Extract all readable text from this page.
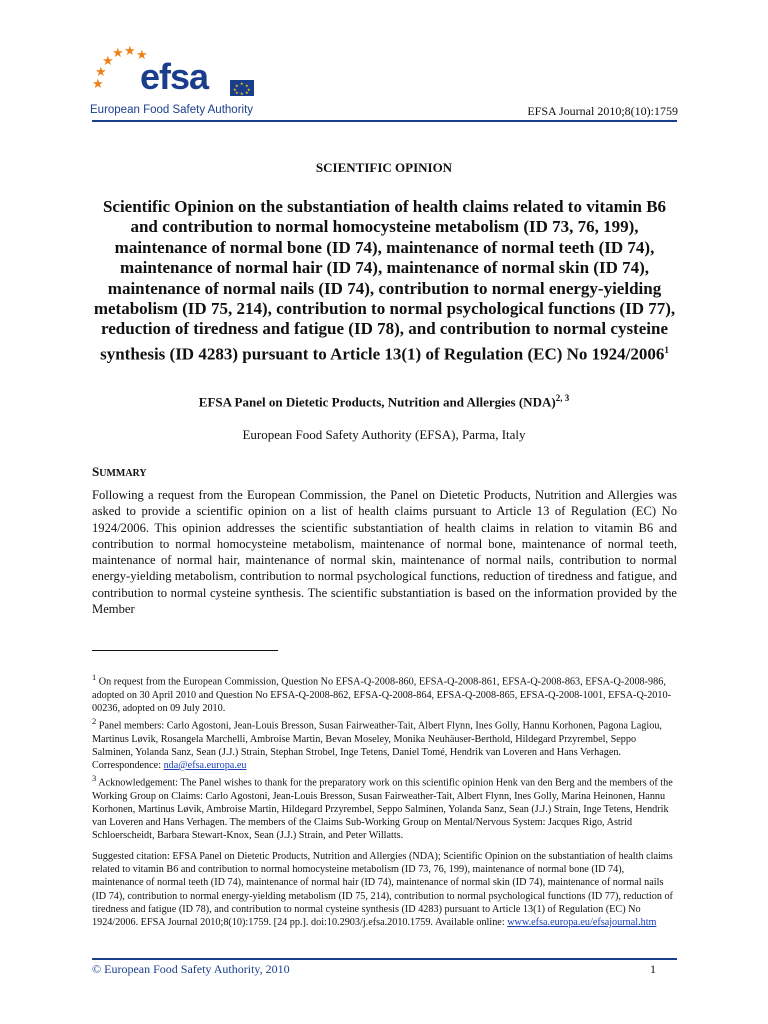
★ ★ ★
★
★
★ efsa	★ ★
★
★
★
★
★
★
European Food Safety Authority	EFSA Journal 2010;8(10):1759
SCIENTIFIC OPINION
Scientific Opinion on the substantiation of health claims related to vitamin B6 and contribution to normal homocysteine metabolism (ID 73, 76, 199), maintenance of normal bone (ID 74), maintenance of normal teeth (ID 74), maintenance of normal hair (ID 74), maintenance of normal skin (ID 74), maintenance of normal nails (ID 74), contribution to normal energy-yielding metabolism (ID 75, 214), contribution to normal psychological functions (ID 77), reduction of tiredness and fatigue (ID 78), and contribution to normal cysteine synthesis (ID 4283) pursuant to Article 13(1) of Regulation (EC) No 1924/2006$^1$
EFSA Panel on Dietetic Products, Nutrition and Allergies (NDA)$^{2, 3}$
European Food Safety Authority (EFSA), Parma, Italy
SUMMARY

Following a request from the European Commission, the Panel on Dietetic Products, Nutrition and Allergies was asked to provide a scientific opinion on a list of health claims pursuant to Article 13 of Regulation (EC) No 1924/2006. This opinion addresses the scientific substantiation of health claims in relation to vitamin B6 and contribution to normal homocysteine metabolism, maintenance of normal bone, maintenance of normal teeth, maintenance of normal hair, maintenance of normal skin, maintenance of normal nails, contribution to normal energy-yielding metabolism, contribution to normal psychological functions, reduction of tiredness and fatigue, and contribution to normal cysteine synthesis. The scientific substantiation is based on the information provided by the Member

$^1$ On request from the European Commission, Question No EFSA-Q-2008-860, EFSA-Q-2008-861, EFSA-Q-2008-863, EFSA-Q-2008-986, adopted on 30 April 2010 and Question No EFSA-Q-2008-862, EFSA-Q-2008-864, EFSA-Q-2008-865, EFSA-Q-2008-1001, EFSA-Q-2010-00236, adopted on 09 July 2010.

$^2$ Panel members: Carlo Agostoni, Jean-Louis Bresson, Susan Fairweather-Tait, Albert Flynn, Ines Golly, Hannu Korhonen, Pagona Lagiou, Martinus Løvik, Rosangela Marchelli, Ambroise Martin, Bevan Moseley, Monika Neuhäuser-Berthold, Hildegard Przyrembel, Seppo Salminen, Yolanda Sanz, Sean (J.J.) Strain, Stephan Strobel, Inge Tetens, Daniel Tomé, Hendrik van Loveren and Hans Verhagen. Correspondence: nda@efsa.europa.eu

$^3$ Acknowledgement: The Panel wishes to thank for the preparatory work on this scientific opinion Henk van den Berg and the members of the Working Group on Claims: Carlo Agostoni, Jean-Louis Bresson, Susan Fairweather-Tait, Albert Flynn, Ines Golly, Marina Heinonen, Hannu Korhonen, Martinus Løvik, Ambroise Martin, Hildegard Przyrembel, Seppo Salminen, Yolanda Sanz, Sean (J.J.) Strain, Inge Tetens, Hendrik van Loveren and Hans Verhagen. The members of the Claims Sub-Working Group on Mental/Nervous System: Jacques Rigo, Astrid Schloerscheidt, Barbara Stewart-Knox, Sean (J.J.) Strain, and Peter Willatts.

Suggested citation: EFSA Panel on Dietetic Products, Nutrition and Allergies (NDA); Scientific Opinion on the substantiation of health claims related to vitamin B6 and contribution to normal homocysteine metabolism (ID 73, 76, 199), maintenance of normal bone (ID 74), maintenance of normal teeth (ID 74), maintenance of normal hair (ID 74), maintenance of normal skin (ID 74), maintenance of normal nails (ID 74), contribution to normal energy-yielding metabolism (ID 75, 214), contribution to normal psychological functions (ID 77), reduction of tiredness and fatigue (ID 78), and contribution to normal cysteine synthesis (ID 4283) pursuant to Article 13(1) of Regulation (EC) No 1924/2006. EFSA Journal 2010;8(10):1759. [24 pp.]. doi:10.2903/j.efsa.2010.1759. Available online: www.efsa.europa.eu/efsajournal.htm

© European Food Safety Authority, 2010	1
